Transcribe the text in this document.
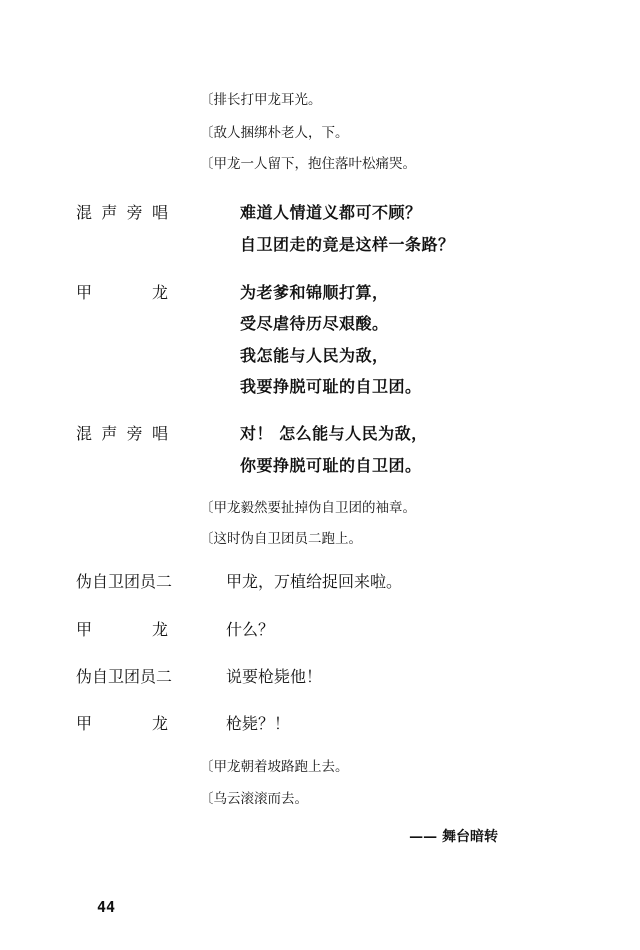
〔排长打甲龙耳光。
〔敌人捆绑朴老人，下。
〔甲龙一人留下，抱住落叶松痛哭。
混 声 旁 唱	难道人情道义都可不顾？
自卫团走的竟是这样一条路？
甲	龙	为老爹和锦顺打算，
受尽虐待历尽艰酸。
我怎能与人民为敌，
我要挣脱可耻的自卫团。
混 声 旁 唱	对！ 怎么能与人民为敌，
你要挣脱可耻的自卫团。
〔甲龙毅然要扯掉伪自卫团的袖章。
〔这时伪自卫团员二跑上。
伪自卫团员二	甲龙，万植给捉回来啦。
甲	龙	什么？
伪自卫团员二	说要枪毙他！
甲	龙	枪毙？！
〔甲龙朝着坡路跑上去。
〔乌云滚滚而去。
—— 舞台暗转
44
